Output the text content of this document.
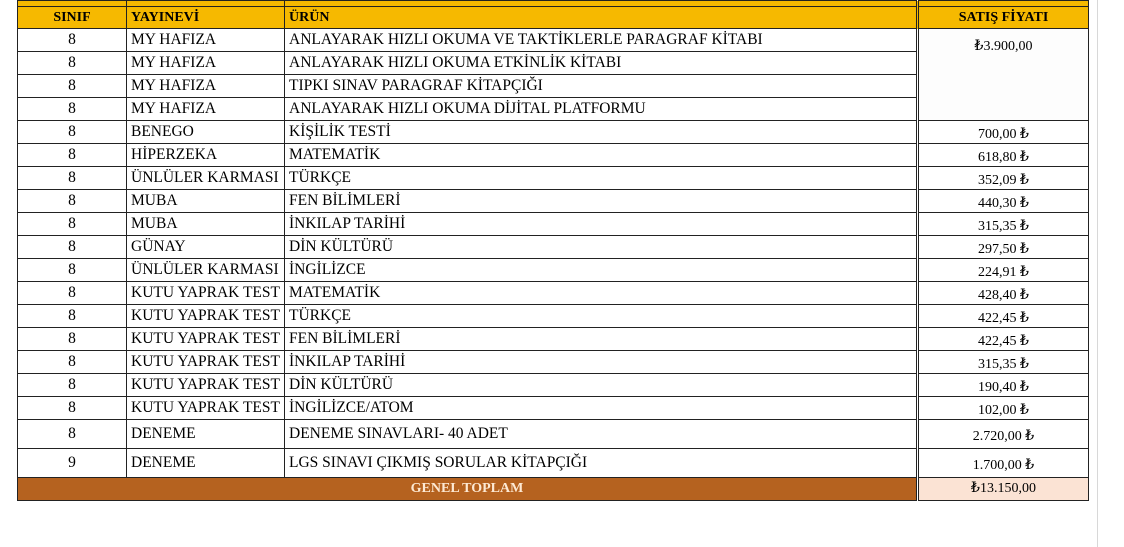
SINIF	YAYINEVİ	ÜRÜN		SATIŞ FİYATI
8	MY HAFIZA	ANLAYARAK HIZLI OKUMA VE TAKTİKLERLE PARAGRAF KİTABI		₺3.900,00

8	MY HAFIZA	ANLAYARAK HIZLI OKUMA ETKİNLİK KİTABI		
8	MY HAFIZA	TIPKI SINAV PARAGRAF KİTAPÇIĞI		
8	MY HAFIZA	ANLAYARAK HIZLI OKUMA DİJİTAL PLATFORMU		
8	BENEGO	KİŞİLİK TESTİ		700,00 ₺
8	HİPERZEKA	MATEMATİK		618,80 ₺
8	ÜNLÜLER KARMASI	TÜRKÇE		352,09 ₺
8	MUBA	FEN BİLİMLERİ		440,30 ₺
8	MUBA	İNKILAP TARİHİ		315,35 ₺
8	GÜNAY	DİN KÜLTÜRÜ		297,50 ₺
8	ÜNLÜLER KARMASI	İNGİLİZCE		224,91 ₺
8	KUTU YAPRAK TEST	MATEMATİK		428,40 ₺
8	KUTU YAPRAK TEST	TÜRKÇE		422,45 ₺
8	KUTU YAPRAK TEST	FEN BİLİMLERİ		422,45 ₺
8	KUTU YAPRAK TEST	İNKILAP TARİHİ		315,35 ₺
8	KUTU YAPRAK TEST	DİN KÜLTÜRÜ		190,40 ₺
8	KUTU YAPRAK TEST	İNGİLİZCE/ATOM		102,00 ₺
8	DENEME	DENEME SINAVLARI- 40 ADET		2.720,00 ₺
9	DENEME	LGS SINAVI ÇIKMIŞ SORULAR KİTAPÇIĞI		1.700,00 ₺
GENEL TOPLAM				₺13.150,00
